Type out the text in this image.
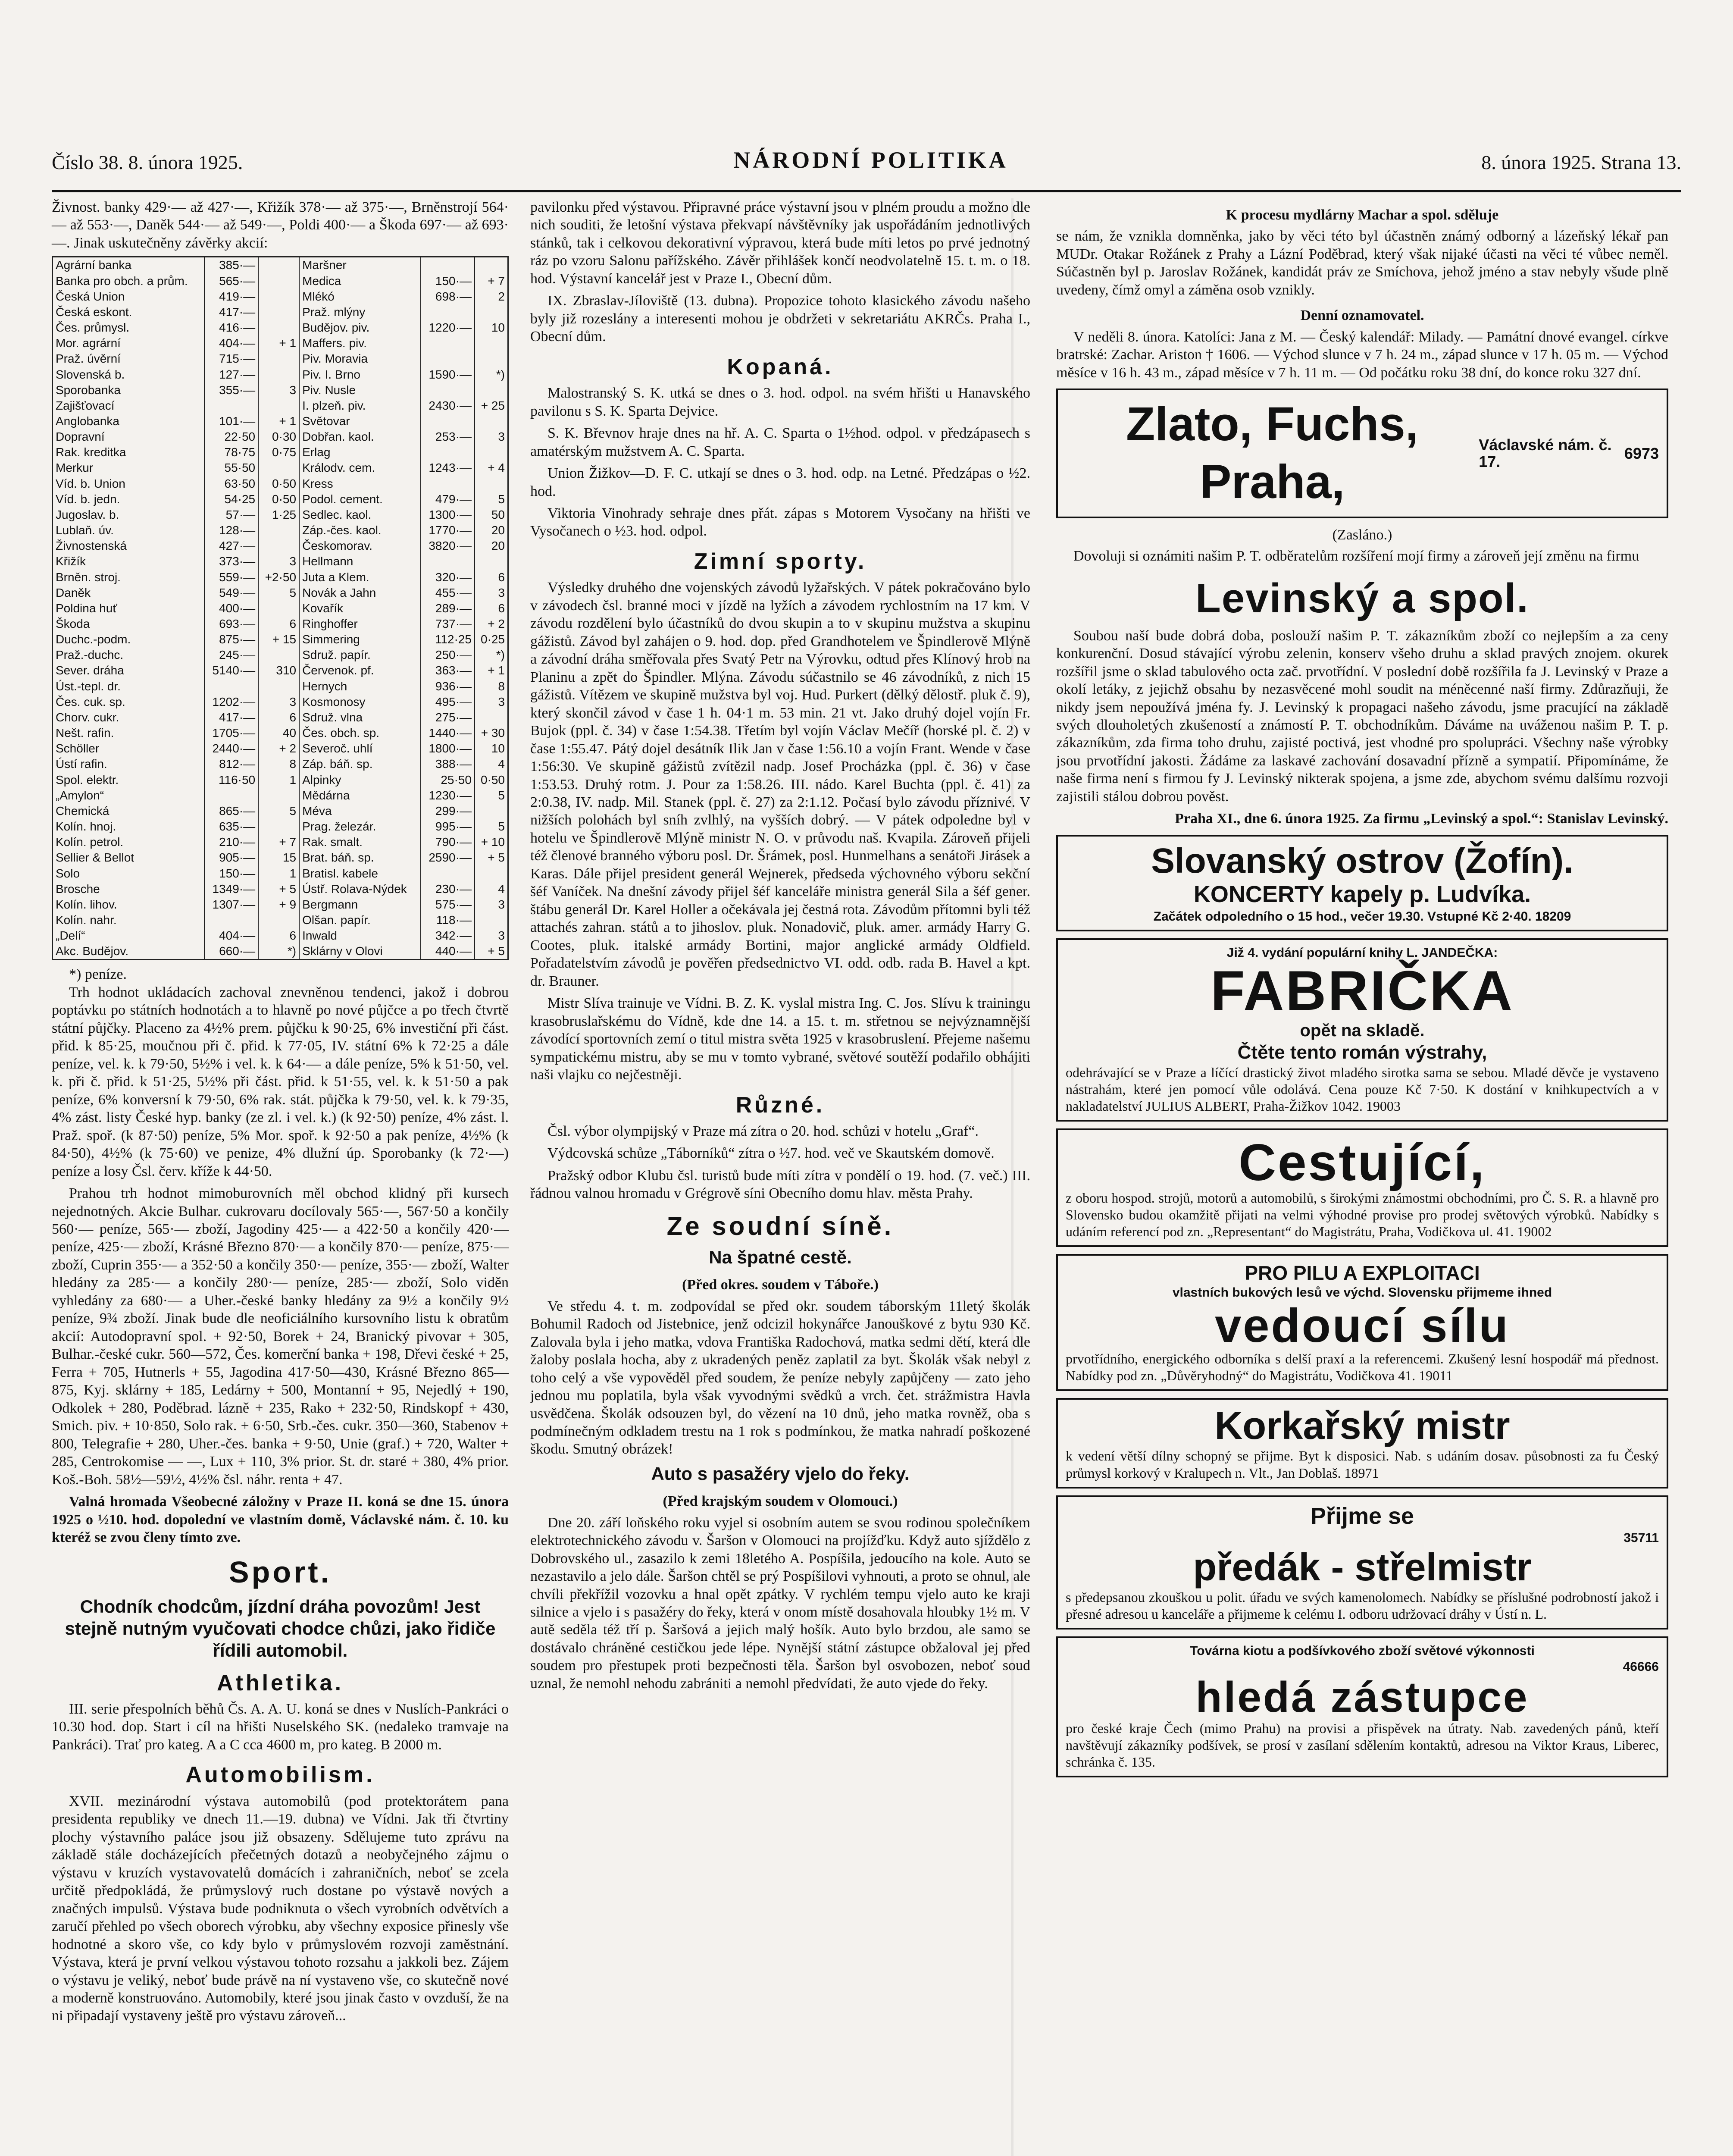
Číslo 38. 8. února 1925.	NÁRODNÍ POLITIKA	8. února 1925. Strana 13.

Živnost. banky 429·— až 427·—, Křižík 378·— až 375·—, Brněnstrojí 564·— až 553·—, Daněk 544·— až 549·—, Poldi 400·— a Škoda 697·— až 693·—. Jinak uskutečněny závěrky akcií:

Agrární banka	385·—		Maršner		
Banka pro obch. a prům.	565·—		Medica	150·—	+ 7
Česká Union	419·—		Mlékó	698·—	2
Česká eskont.	417·—		Praž. mlýny		
Čes. průmysl.	416·—		Budějov. piv.	1220·—	10
Mor. agrární	404·—	+ 1	Maffers. piv.		
Praž. úvěrní	715·—		Piv. Moravia		
Slovenská b.	127·—		Piv. I. Brno	1590·—	*)
Sporobanka	355·—	3	Piv. Nusle		
Zajišťovací			I. plzeň. piv.	2430·—	+ 25
Anglobanka	101·—	+ 1	Světovar		
Dopravní	22·50	0·30	Dobřan. kaol.	253·—	3
Rak. kreditka	78·75	0·75	Erlag		
Merkur	55·50		Králodv. cem.	1243·—	+ 4
Víd. b. Union	63·50	0·50	Kress		
Víd. b. jedn.	54·25	0·50	Podol. cement.	479·—	5
Jugoslav. b.	57·—	1·25	Sedlec. kaol.	1300·—	50
Lublaň. úv.	128·—		Záp.-čes. kaol.	1770·—	20
Živnostenská	427·—		Českomorav.	3820·—	20
Křižík	373·—	3	Hellmann		
Brněn. stroj.	559·—	+2·50	Juta a Klem.	320·—	6
Daněk	549·—	5	Novák a Jahn	455·—	3
Poldina huť	400·—		Kovařík	289·—	6
Škoda	693·—	6	Ringhoffer	737·—	+ 2
Duchc.-podm.	875·—	+ 15	Simmering	112·25	0·25
Praž.-duchc.	245·—		Sdruž. papír.	250·—	*)
Sever. dráha	5140·—	310	Červenok. pf.	363·—	+ 1
Úst.-tepl. dr.			Hernych	936·—	8
Čes. cuk. sp.	1202·—	3	Kosmonosy	495·—	3
Chorv. cukr.	417·—	6	Sdruž. vlna	275·—	
Nešt. rafin.	1705·—	40	Čes. obch. sp.	1440·—	+ 30
Schöller	2440·—	+ 2	Severoč. uhlí	1800·—	10
Ústí rafin.	812·—	8	Záp. báň. sp.	388·—	4
Spol. elektr.	116·50	1	Alpinky	25·50	0·50
„Amylon“			Mědárna	1230·—	5
Chemická	865·—	5	Méva	299·—	
Kolín. hnoj.	635·—		Prag. železár.	995·—	5
Kolín. petrol.	210·—	+ 7	Rak. smalt.	790·—	+ 10
Sellier & Bellot	905·—	15	Brat. báň. sp.	2590·—	+ 5
Solo	150·—	1	Bratisl. kabele		
Brosche	1349·—	+ 5	Ústř. Rolava-Nýdek	230·—	4
Kolín. lihov.	1307·—	+ 9	Bergmann	575·—	3
Kolín. nahr.			Olšan. papír.	118·—	
„Delí“	404·—	6	Inwald	342·—	3
Akc. Budějov.	660·—	*)	Sklárny v Olovi	440·—	+ 5
*) peníze.

Trh hodnot ukládacích zachoval znevněnou tendenci, jakož i dobrou poptávku po státních hodnotách a to hlavně po nové půjčce a po třech čtvrtě státní půjčky. Placeno za 4½% prem. půjčku k 90·25, 6% investiční při část. přid. k 85·25, moučnou při č. přid. k 77·05, IV. státní 6% k 72·25 a dále peníze, vel. k. k 79·50, 5½% i vel. k. k 64·— a dále peníze, 5% k 51·50, vel. k. při č. přid. k 51·25, 5½% při část. přid. k 51·55, vel. k. k 51·50 a pak peníze, 6% konversní k 79·50, 6% rak. stát. půjčka k 79·50, vel. k. k 79·35, 4% zást. listy České hyp. banky (ze zl. i vel. k.) (k 92·50) peníze, 4% zást. l. Praž. spoř. (k 87·50) peníze, 5% Mor. spoř. k 92·50 a pak peníze, 4½% (k 84·50), 4½% (k 75·60) ve penize, 4% dlužní úp. Sporobanky (k 72·—) peníze a losy Čsl. červ. kříže k 44·50.

Prahou trh hodnot mimoburovních měl obchod klidný při kursech nejednotných. Akcie Bulhar. cukrovaru docílovaly 565·—, 567·50 a končily 560·— peníze, 565·— zboží, Jagodiny 425·— a 422·50 a končily 420·— peníze, 425·— zboží, Krásné Březno 870·— a končily 870·— peníze, 875·— zboží, Cuprin 355·— a 352·50 a končily 350·— peníze, 355·— zboží, Walter hledány za 285·— a končily 280·— peníze, 285·— zboží, Solo viděn vyhledány za 680·— a Uher.-české banky hledány za 9½ a končily 9½ peníze, 9¾ zboží. Jinak bude dle neoficiálního kursovního listu k obratům akcií: Autodopravní spol. + 92·50, Borek + 24, Branický pivovar + 305, Bulhar.-české cukr. 560—572, Čes. komerční banka + 198, Dřevi české + 25, Ferra + 705, Hutnerls + 55, Jagodina 417·50—430, Krásné Březno 865—875, Kyj. sklárny + 185, Ledárny + 500, Montanní + 95, Nejedlý + 190, Odkolek + 280, Poděbrad. lázně + 235, Rako + 232·50, Rindskopf + 430, Smich. piv. + 10·850, Solo rak. + 6·50, Srb.-čes. cukr. 350—360, Stabenov + 800, Telegrafie + 280, Uher.-čes. banka + 9·50, Unie (graf.) + 720, Walter + 285, Centrokomise — —, Lux + 110, 3% prior. St. dr. staré + 380, 4% prior. Koš.-Boh. 58½—59½, 4½% čsl. náhr. renta + 47.

Valná hromada Všeobecné záložny v Praze II. koná se dne 15. února 1925 o ½10. hod. dopolední ve vlastním domě, Václavské nám. č. 10. ku kteréž se zvou členy tímto zve.

Sport.
Chodník chodcům, jízdní dráha povozům! Jest stejně nutným vyučovati chodce chůzi, jako řidiče řídili automobil.
Athletika.

III. serie přespolních běhů Čs. A. A. U. koná se dnes v Nuslích-Pankráci o 10.30 hod. dop. Start i cíl na hřišti Nuselského SK. (nedaleko tramvaje na Pankráci). Trať pro kateg. A a C cca 4600 m, pro kateg. B 2000 m.

Automobilism.

XVII. mezinárodní výstava automobilů (pod protektorátem pana presidenta republiky ve dnech 11.—19. dubna) ve Vídni. Jak tři čtvrtiny plochy výstavního paláce jsou již obsazeny. Sdělujeme tuto zprávu na základě stále docházejících přečetných dotazů a neobyčejného zájmu o výstavu v kruzích vystavovatelů domácích i zahraničních, neboť se zcela určitě předpokládá, že průmyslový ruch dostane po výstavě nových a značných impulsů. Výstava bude podniknuta o všech vyrobních odvětvích a zaručí přehled po všech oborech výrobku, aby všechny exposice přinesly vše hodnotné a skoro vše, co kdy bylo v průmyslovém rozvoji zaměstnání. Výstava, která je první velkou výstavou tohoto rozsahu a jakkoli bez. Zájem o výstavu je veliký, neboť bude právě na ní vystaveno vše, co skutečně nové a moderně konstruováno. Automobily, které jsou jinak často v ovzduší, že na ni připadají vystaveny ještě pro výstavu zároveň...

pavilonku před výstavou. Připravné práce výstavní jsou v plném proudu a možno dle nich souditi, že letošní výstava překvapí návštěvníky jak uspořádáním jednotlivých stánků, tak i celkovou dekorativní výpravou, která bude míti letos po prvé jednotný ráz po vzoru Salonu pařížského. Závěr přihlášek končí neodvolatelně 15. t. m. o 18. hod. Výstavní kancelář jest v Praze I., Obecní dům.

IX. Zbraslav-Jíloviště (13. dubna). Propozice tohoto klasického závodu našeho byly již rozeslány a interesenti mohou je obdržeti v sekretariátu AKRČs. Praha I., Obecní dům.

Kopaná.

Malostranský S. K. utká se dnes o 3. hod. odpol. na svém hřišti u Hanavského pavilonu s S. K. Sparta Dejvice.

S. K. Břevnov hraje dnes na hř. A. C. Sparta o 1½hod. odpol. v předzápasech s amatérským mužstvem A. C. Sparta.

Union Žižkov—D. F. C. utkají se dnes o 3. hod. odp. na Letné. Předzápas o ½2. hod.

Viktoria Vinohrady sehraje dnes přát. zápas s Motorem Vysočany na hřišti ve Vysočanech o ½3. hod. odpol.

Zimní sporty.

Výsledky druhého dne vojenských závodů lyžařských. V pátek pokračováno bylo v závodech čsl. branné moci v jízdě na lyžích a závodem rychlostním na 17 km. V závodu rozdělení bylo účastníků do dvou skupin a to v skupinu mužstva a skupinu gážistů. Závod byl zahájen o 9. hod. dop. před Grandhotelem ve Špindlerově Mlýně a závodní dráha směřovala přes Svatý Petr na Výrovku, odtud přes Klínový hrob na Planinu a zpět do Špindler. Mlýna. Závodu súčastnilo se 46 závodníků, z nich 15 gážistů. Vítězem ve skupině mužstva byl voj. Hud. Purkert (dělký dělostř. pluk č. 9), který skončil závod v čase 1 h. 04·1 m. 53 min. 21 vt. Jako druhý dojel vojín Fr. Bujok (ppl. č. 34) v čase 1:54.38. Třetím byl vojín Václav Mečíř (horské pl. č. 2) v čase 1:55.47. Pátý dojel desátník Ilik Jan v čase 1:56.10 a vojín Frant. Wende v čase 1:56:30. Ve skupině gážistů zvítězil nadp. Josef Procházka (ppl. č. 36) v čase 1:53.53. Druhý rotm. J. Pour za 1:58.26. III. nádo. Karel Buchta (ppl. č. 41) za 2:0.38, IV. nadp. Mil. Stanek (ppl. č. 27) za 2:1.12. Počasí bylo závodu příznivé. V nižších polohách byl sníh zvlhlý, na vyšších dobrý. — V pátek odpoledne byl v hotelu ve Špindlerově Mlýně ministr N. O. v průvodu naš. Kvapila. Zároveň přijeli též členové branného výboru posl. Dr. Šrámek, posl. Hunmelhans a senátoři Jirásek a Karas. Dále přijel president generál Wejnerek, předseda výchovného výboru sekční šéf Vaníček. Na dnešní závody přijel šéf kanceláře ministra generál Sila a šéf gener. štábu generál Dr. Karel Holler a očekávala jej čestná rota. Závodům přítomni byli též attachés zahran. států a to jihoslov. pluk. Nonadovič, pluk. amer. armády Harry G. Cootes, pluk. italské armády Bortini, major anglické armády Oldfield. Pořadatelstvím závodů je pověřen předsednictvo VI. odd. odb. rada B. Havel a kpt. dr. Brauner.

Mistr Slíva trainuje ve Vídni. B. Z. K. vyslal mistra Ing. C. Jos. Slívu k trainingu krasobruslařskému do Vídně, kde dne 14. a 15. t. m. střetnou se nejvýznamnější závodící sportovních zemí o titul mistra světa 1925 v krasobruslení. Přejeme našemu sympatickému mistru, aby se mu v tomto vybrané, světové soutěží podařilo obhájiti naši vlajku co nejčestněji.

Různé.

Čsl. výbor olympijský v Praze má zítra o 20. hod. schůzi v hotelu „Graf“.

Výdcovská schůze „Táborníků“ zítra o ½7. hod. več ve Skautském domově.

Pražský odbor Klubu čsl. turistů bude míti zítra v pondělí o 19. hod. (7. več.) III. řádnou valnou hromadu v Grégrově síni Obecního domu hlav. města Prahy.

Ze soudní síně.
Na špatné cestě.
(Před okres. soudem v Táboře.)

Ve středu 4. t. m. zodpovídal se před okr. soudem táborským 11letý školák Bohumil Radoch od Jistebnice, jenž odcizil hokynářce Janouškové z bytu 930 Kč. Zalovala byla i jeho matka, vdova Františka Radochová, matka sedmi dětí, která dle žaloby poslala hocha, aby z ukradených peněz zaplatil za byt. Školák však nebyl z toho celý a vše vypověděl před soudem, že peníze nebyly zapůjčeny — zato jeho jednou mu poplatila, byla však vyvodnými svědků a vrch. čet. strážmistra Havla usvědčena. Školák odsouzen byl, do vězení na 10 dnů, jeho matka rovněž, oba s podmínečným odkladem trestu na 1 rok s podmínkou, že matka nahradí poškozené škodu. Smutný obrázek!

Auto s pasažéry vjelo do řeky.
(Před krajským soudem v Olomouci.)

Dne 20. září loňského roku vyjel si osobním autem se svou rodinou společníkem elektrotechnického závodu v. Šaršon v Olomouci na projížďku. Když auto sjíždělo z Dobrovského ul., zasazilo k zemi 18letého A. Pospíšila, jedoucího na kole. Auto se nezastavilo a jelo dále. Šaršon chtěl se prý Pospíšilovi vyhnouti, a proto se ohnul, ale chvíli překřížil vozovku a hnal opět zpátky. V rychlém tempu vjelo auto ke kraji silnice a vjelo i s pasažéry do řeky, která v onom místě dosahovala hloubky 1½ m. V autě seděla též tří p. Šaršová a jejich malý hošík. Auto bylo brzdou, ale samo se dostávalo chráněné cestičkou jede lépe. Nynější státní zástupce obžaloval jej před soudem pro přestupek proti bezpečnosti těla. Šaršon byl osvobozen, neboť soud uznal, že nemohl nehodu zabrániti a nemohl předvídati, že auto vjede do řeky.

K procesu mydlárny Machar a spol. sděluje

se nám, že vznikla domněnka, jako by věci této byl účastněn známý odborný a lázeňský lékař pan MUDr. Otakar Rožánek z Prahy a Lázní Poděbrad, který však nijaké účasti na věci té vůbec neměl. Súčastněn byl p. Jaroslav Rožánek, kandidát práv ze Smíchova, jehož jméno a stav nebyly všude plně uvedeny, čímž omyl a záměna osob vznikly.

Denní oznamovatel.

V neděli 8. února. Katolíci: Jana z M. — Český kalendář: Milady. — Památní dnové evangel. církve bratrské: Zachar. Ariston † 1606. — Východ slunce v 7 h. 24 m., západ slunce v 17 h. 05 m. — Východ měsíce v 16 h. 43 m., západ měsíce v 7 h. 11 m. — Od počátku roku 38 dní, do konce roku 327 dní.

Zlato, Fuchs, Praha,
Václavské nám. č. 17.	6973
(Zasláno.)

Dovoluji si oznámiti našim P. T. odběratelům rozšíření mojí firmy a zároveň její změnu na firmu

Levinský a spol.

Soubou naší bude dobrá doba, poslouží našim P. T. zákazníkům zboží co nejlepším a za ceny konkurenční. Dosud stávající výrobu zelenin, konserv všeho druhu a sklad pravých znojem. okurek rozšířil jsme o sklad tabulového octa zač. prvotřídní. V poslední době rozšířila fa J. Levinský v Praze a okolí letáky, z jejichž obsahu by nezasvěcené mohl soudit na méněcenné naší firmy. Zdůrazňuji, že nikdy jsem nepoužívá jména fy. J. Levinský k propagaci našeho závodu, jsme pracující na základě svých dlouholetých zkušeností a známostí P. T. obchodníkům. Dáváme na uváženou našim P. T. p. zákazníkům, zda firma toho druhu, zajisté poctivá, jest vhodné pro spolupráci. Všechny naše výrobky jsou prvotřídní jakosti. Žádáme za laskavé zachování dosavadní přízně a sympatií. Připomínáme, že naše firma není s firmou fy J. Levinský nikterak spojena, a jsme zde, abychom svému dalšímu rozvoji zajistili stálou dobrou pověst.

Praha XI., dne 6. února 1925. Za firmu „Levinský a spol.“: Stanislav Levinský.
Slovanský ostrov (Žofín).
KONCERTY kapely p. Ludvíka.
Začátek odpoledního o 15 hod., večer 19.30. Vstupné Kč 2·40. 18209
Již 4. vydání populární knihy L. JANDEČKA:
FABRIČKA
opět na skladě.
Čtěte tento román výstrahy,
odehrávající se v Praze a líčící drastický život mladého sirotka sama se sebou. Mladé děvče je vystaveno nástrahám, které jen pomocí vůle odolává. Cena pouze Kč 7·50. K dostání v knihkupectvích a v nakladatelství JULIUS ALBERT, Praha-Žižkov 1042. 19003
Cestující,
z oboru hospod. strojů, motorů a automobilů, s širokými známostmi obchodními, pro Č. S. R. a hlavně pro Slovensko budou okamžitě přijati na velmi výhodné provise pro prodej světových výrobků. Nabídky s udáním referencí pod zn. „Representant“ do Magistrátu, Praha, Vodičkova ul. 41. 19002
PRO PILU A EXPLOITACI
vlastních bukových lesů ve výchd. Slovensku přijmeme ihned
vedoucí sílu
prvotřídního, energického odborníka s delší praxí a la referencemi. Zkušený lesní hospodář má přednost. Nabídky pod zn. „Důvěryhodný“ do Magistrátu, Vodičkova 41. 19011
Korkařský mistr
k vedení větší dílny schopný se přijme. Byt k disposici. Nab. s udáním dosav. působnosti za fu Český průmysl korkový v Kralupech n. Vlt., Jan Doblaš. 18971
Přijme se
35711
předák - střelmistr
s předepsanou zkouškou u polit. úřadu ve svých kamenolomech. Nabídky se příslušné podrobností jakož i přesné adresou u kanceláře a přijmeme k celému I. odboru udržovací dráhy v Ústí n. L.
Továrna kiotu a podšívkového zboží světové výkonnosti
46666
hledá zástupce
pro české kraje Čech (mimo Prahu) na provisi a přispěvek na útraty. Nab. zavedených pánů, kteří navštěvují zákazníky podšívek, se prosí v zasílaní sdělením kontaktů, adresou na Viktor Kraus, Liberec, schránka č. 135.
